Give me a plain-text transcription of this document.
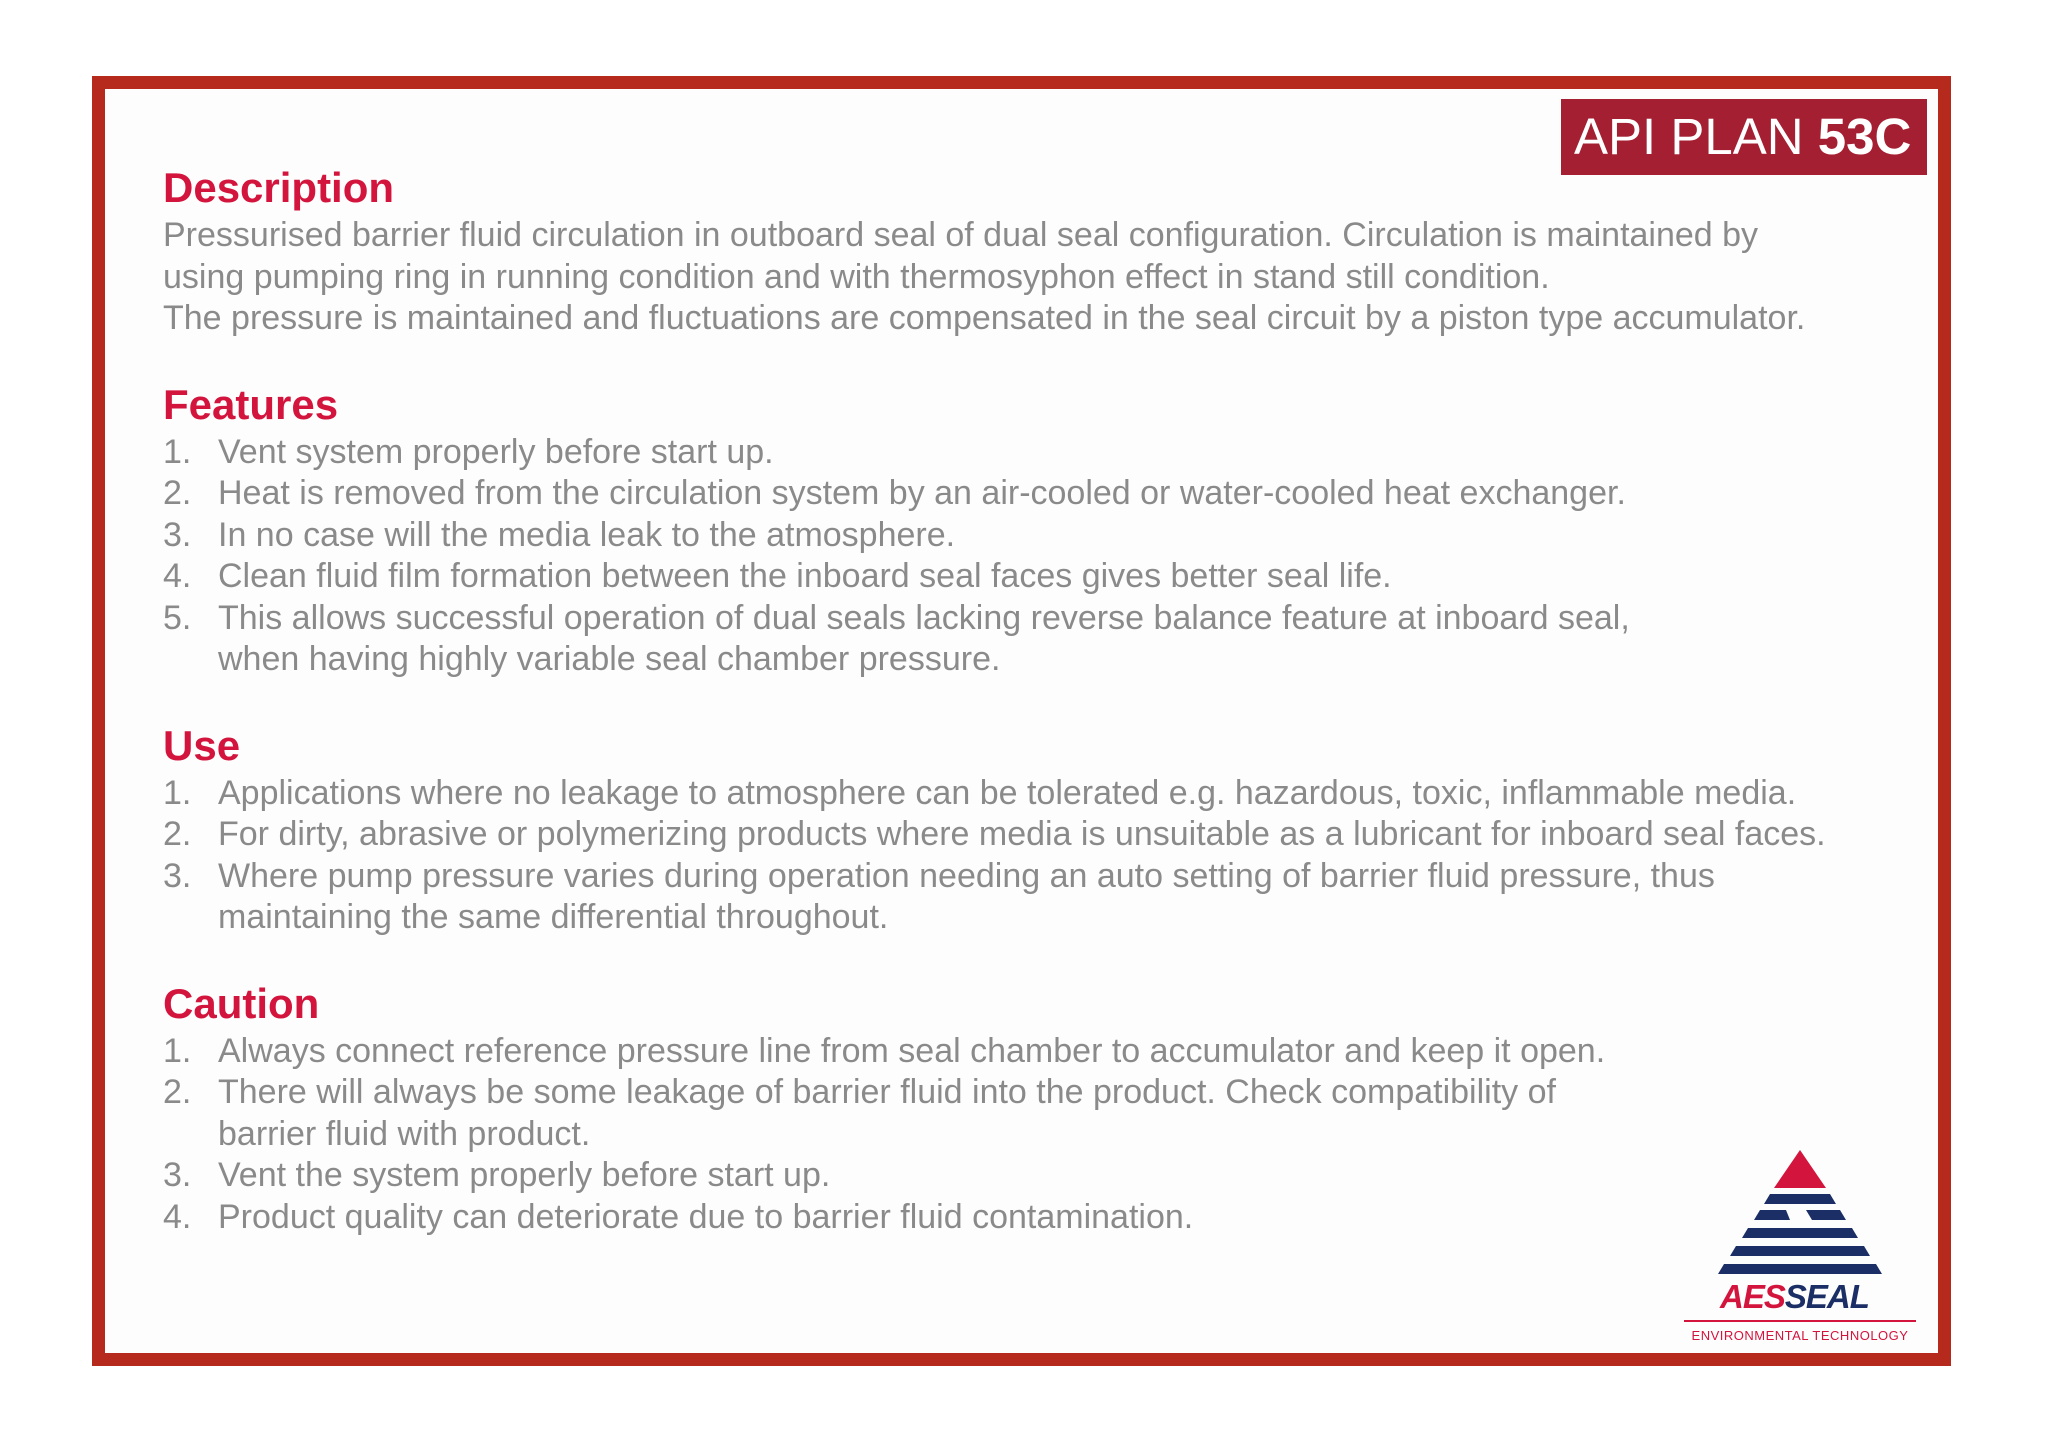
API PLAN 53C
Description

Pressurised barrier fluid circulation in outboard seal of dual seal configuration. Circulation is maintained by

using pumping ring in running condition and with thermosyphon effect in stand still condition.

The pressure is maintained and fluctuations are compensated in the seal circuit by a piston type accumulator.

Features
1. Vent system properly before start up.
2. Heat is removed from the circulation system by an air-cooled or water-cooled heat exchanger.
3. In no case will the media leak to the atmosphere.
4. Clean fluid film formation between the inboard seal faces gives better seal life.
5. This allows successful operation of dual seals lacking reverse balance feature at inboard seal,
when having highly variable seal chamber pressure.
Use
1. Applications where no leakage to atmosphere can be tolerated e.g. hazardous, toxic, inflammable media.
2. For dirty, abrasive or polymerizing products where media is unsuitable as a lubricant for inboard seal faces.
3. Where pump pressure varies during operation needing an auto setting of barrier fluid pressure, thus
maintaining the same differential throughout.
Caution
1. Always connect reference pressure line from seal chamber to accumulator and keep it open.
2. There will always be some leakage of barrier fluid into the product. Check compatibility of
barrier fluid with product.
3. Vent the system properly before start up.
4. Product quality can deteriorate due to barrier fluid contamination.
AESSEAL
ENVIRONMENTAL TECHNOLOGY
